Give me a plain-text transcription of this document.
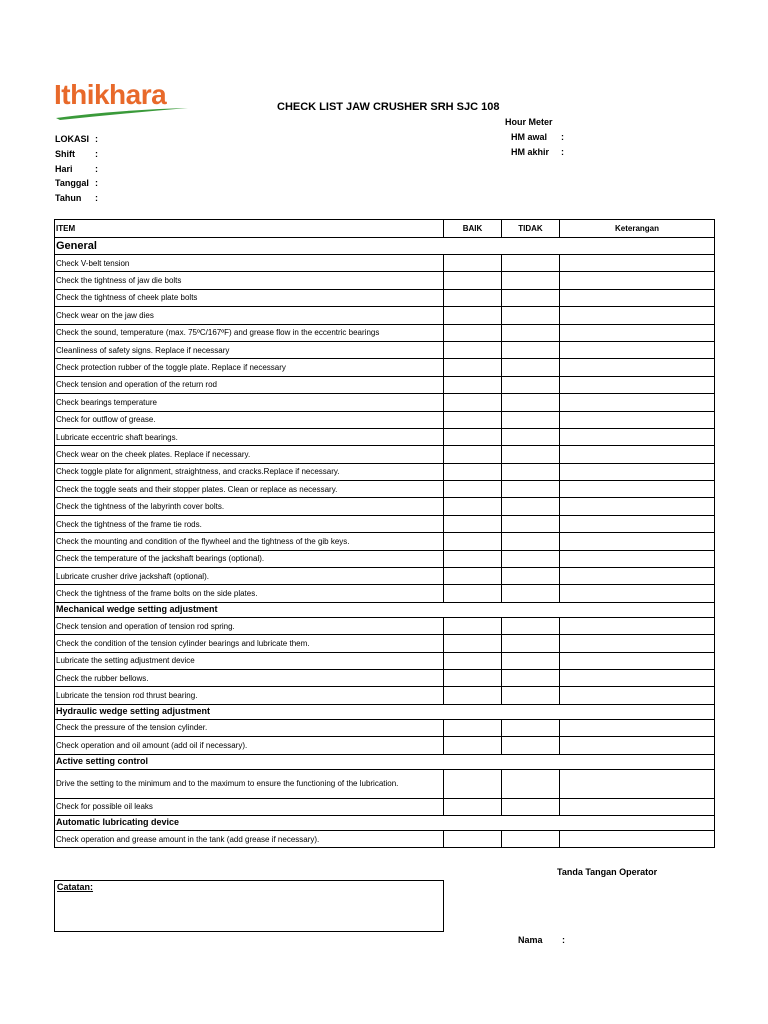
Ithikhara	CHECK LIST JAW CRUSHER SRH SJC 108
LOKASI :
Shift :
Hari :
Tanggal :
Tahun :
Hour Meter
HM awal :
HM akhir :
ITEM	BAIK	TIDAK	Keterangan
General			
Check V-belt tension			
Check the tightness of jaw die bolts			
Check the tightness of cheek plate bolts			
Check wear on the jaw dies			
Check the sound, temperature (max. 75ºC/167ºF) and grease flow in the eccentric bearings			
Cleanliness of safety signs. Replace if necessary			
Check protection rubber of the toggle plate. Replace if necessary			
Check tension and operation of the return rod			
Check bearings temperature			
Check for outflow of grease.			
Lubricate eccentric shaft bearings.			
Check wear on the cheek plates. Replace if necessary.			
Check toggle plate for alignment, straightness, and cracks.Replace if necessary.			
Check the toggle seats and their stopper plates. Clean or replace as necessary.			
Check the tightness of the labyrinth cover bolts.			
Check the tightness of the frame tie rods.			
Check the mounting and condition of the flywheel and the tightness of the gib keys.			
Check the temperature of the jackshaft bearings (optional).			
Lubricate crusher drive jackshaft (optional).			
Check the tightness of the frame bolts on the side plates.			
Mechanical wedge setting adjustment			
Check tension and operation of tension rod spring.			
Check the condition of the tension cylinder bearings and lubricate them.			
Lubricate the setting adjustment device			
Check the rubber bellows.			
Lubricate the tension rod thrust bearing.			
Hydraulic wedge setting adjustment			
Check the pressure of the tension cylinder.			
Check operation and oil amount (add oil if necessary).			
Active setting control			
Drive the setting to the minimum and to the maximum to ensure the functioning of the lubrication.			
Check for possible oil leaks			
Automatic lubricating device			
Check operation and grease amount in the tank (add grease if necessary).			
Tanda Tangan Operator
Catatan:
Nama :
